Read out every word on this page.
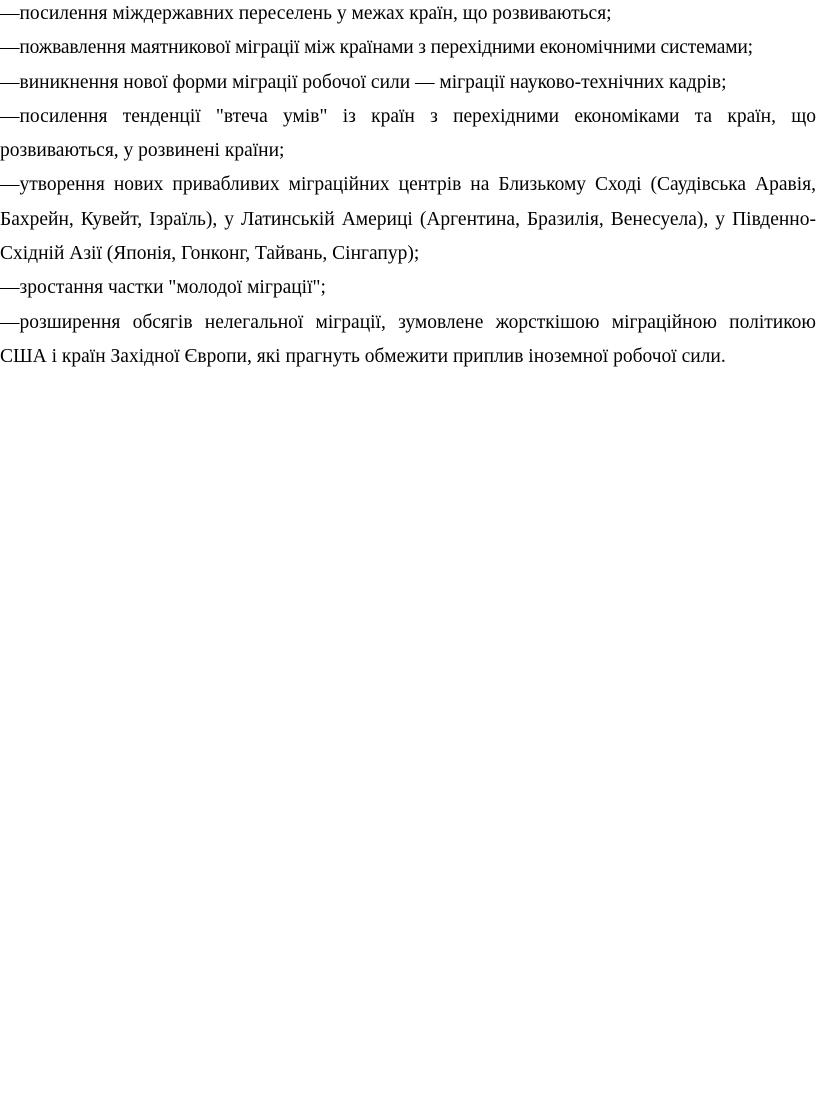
—посилення міждержавних переселень у межах країн, що розвиваються;

—пожвавлення маятникової міграції між країнами з перехідними економічними системами;

—виникнення нової форми міграції робочої сили — міграції науково-технічних кадрів;

—посилення тенденції "втеча умів" із країн з перехідними економіками та країн, що розвиваються, у розвинені країни;

—утворення нових привабливих міграційних центрів на Близькому Сході (Саудівська Аравія, Бахрейн, Кувейт, Ізраїль), у Латинській Америці (Аргентина, Бразилія, Венесуела), у Південно-Східній Азії (Японія, Гонконг, Тайвань, Сінгапур);

—зростання частки "молодої міграції";

—розширення обсягів нелегальної міграції, зумовлене жорсткішою міграційною політикою США і країн Західної Європи, які прагнуть обмежити приплив іноземної робочої сили.
